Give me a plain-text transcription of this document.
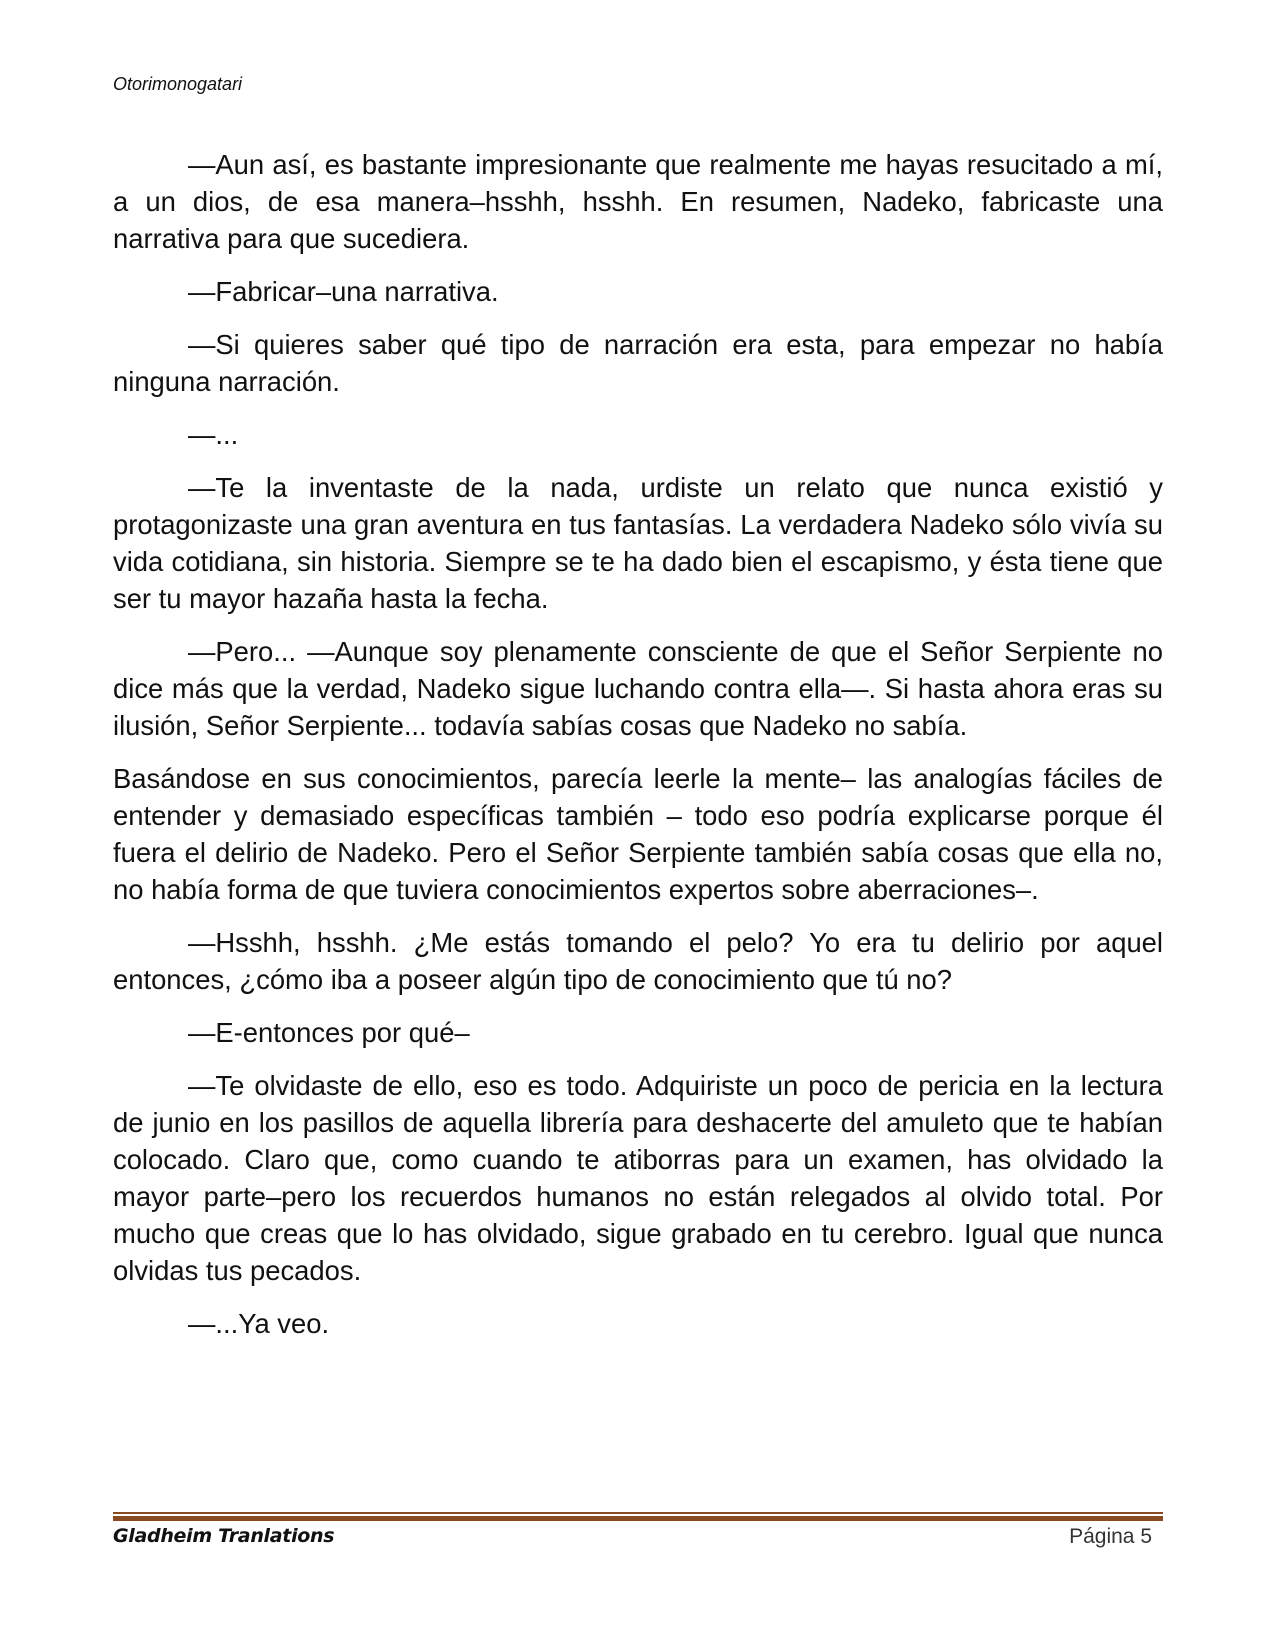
Otorimonogatari

—Aun así, es bastante impresionante que realmente me hayas resucitado a mí, a un dios, de esa manera–hsshh, hsshh. En resumen, Nadeko, fabricaste una narrativa para que sucediera.

—Fabricar–una narrativa.

—Si quieres saber qué tipo de narración era esta, para empezar no había ninguna narración.

—...

—Te la inventaste de la nada, urdiste un relato que nunca existió y protagonizaste una gran aventura en tus fantasías. La verdadera Nadeko sólo vivía su vida cotidiana, sin historia. Siempre se te ha dado bien el escapismo, y ésta tiene que ser tu mayor hazaña hasta la fecha.

—Pero... —Aunque soy plenamente consciente de que el Señor Serpiente no dice más que la verdad, Nadeko sigue luchando contra ella—. Si hasta ahora eras su ilusión, Señor Serpiente... todavía sabías cosas que Nadeko no sabía.

Basándose en sus conocimientos, parecía leerle la mente– las analogías fáciles de entender y demasiado específicas también – todo eso podría explicarse porque él fuera el delirio de Nadeko. Pero el Señor Serpiente también sabía cosas que ella no, no había forma de que tuviera conocimientos expertos sobre aberraciones–.

—Hsshh, hsshh. ¿Me estás tomando el pelo? Yo era tu delirio por aquel entonces, ¿cómo iba a poseer algún tipo de conocimiento que tú no?

—E-entonces por qué–

—Te olvidaste de ello, eso es todo. Adquiriste un poco de pericia en la lectura de junio en los pasillos de aquella librería para deshacerte del amuleto que te habían colocado. Claro que, como cuando te atiborras para un examen, has olvidado la mayor parte–pero los recuerdos humanos no están relegados al olvido total. Por mucho que creas que lo has olvidado, sigue grabado en tu cerebro. Igual que nunca olvidas tus pecados.

—...Ya veo.

Gladheim Tranlations	Página 5
